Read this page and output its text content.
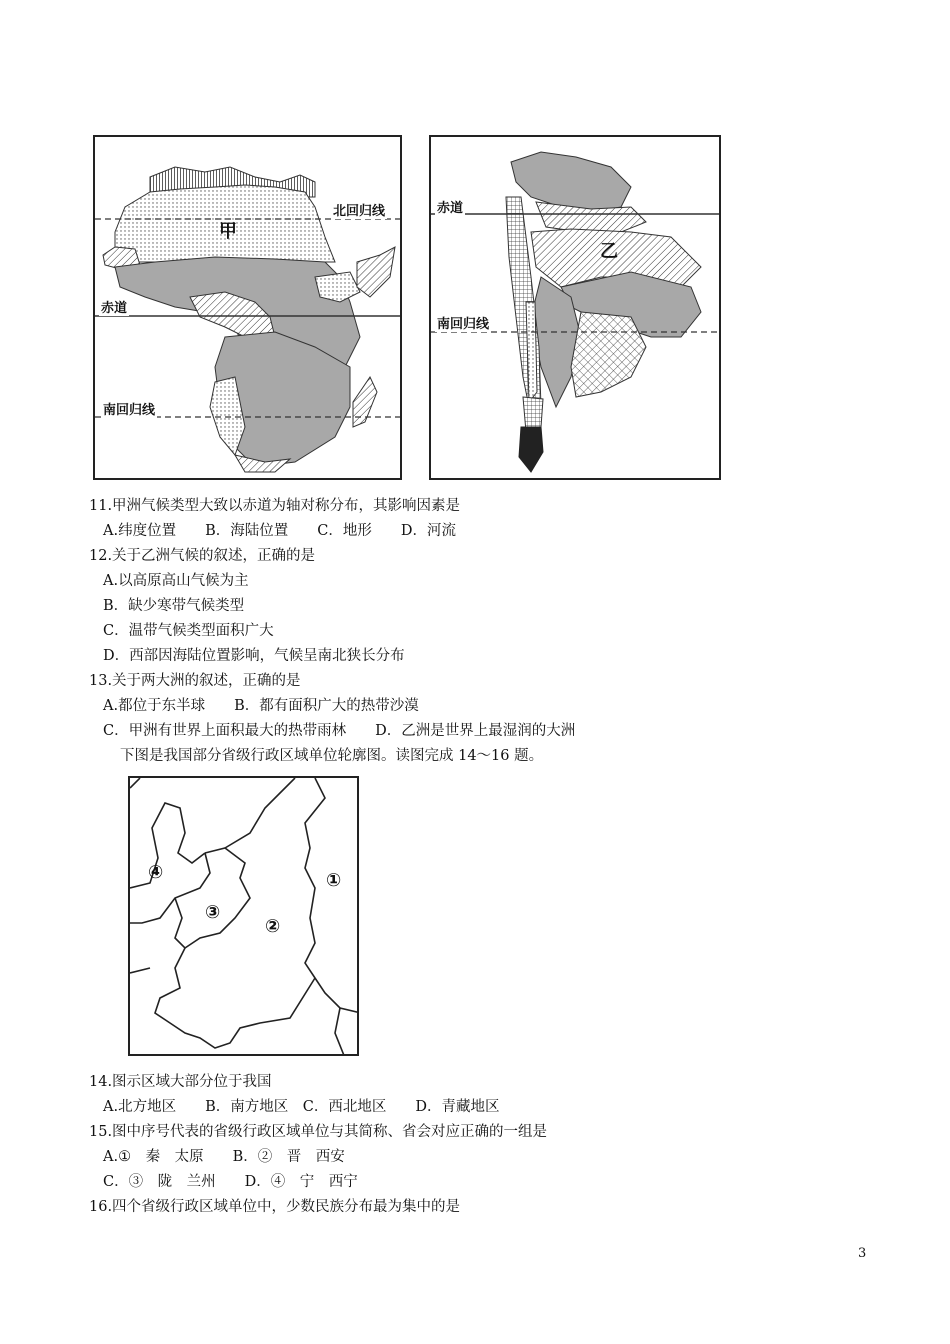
北回归线
赤道
南回归线
甲
赤道
南回归线
乙
11.甲洲气候类型大致以赤道为轴对称分布，其影响因素是
A.纬度位置　　B．海陆位置　　C．地形　　D．河流
12.关于乙洲气候的叙述，正确的是
A.以高原高山气候为主
B．缺少寒带气候类型
C．温带气候类型面积广大
D．西部因海陆位置影响，气候呈南北狭长分布
13.关于两大洲的叙述，正确的是
A.都位于东半球　　B．都有面积广大的热带沙漠
C．甲洲有世界上面积最大的热带雨林　　D．乙洲是世界上最湿润的大洲
下图是我国部分省级行政区域单位轮廓图。读图完成 14～16 题。
④
③
②
①
14.图示区域大部分位于我国
A.北方地区　　B．南方地区　C．西北地区　　D．青藏地区
15.图中序号代表的省级行政区域单位与其简称、省会对应正确的一组是
A.①　秦　太原　　B．②　晋　西安
C．③　陇　兰州　　D．④　宁　西宁
16.四个省级行政区域单位中，少数民族分布最为集中的是
3
